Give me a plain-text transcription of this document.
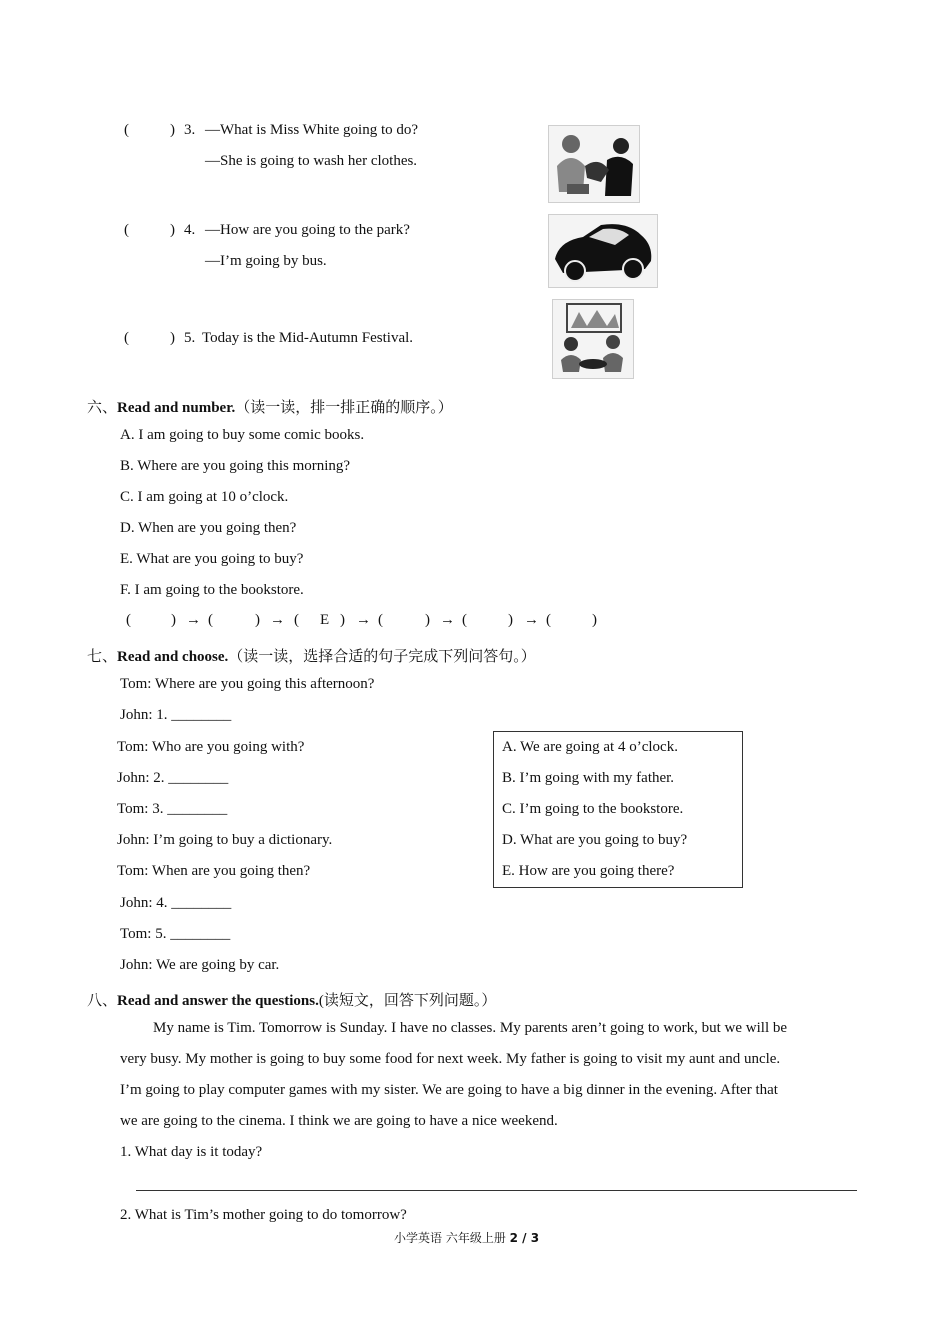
(	) 3. —What is Miss White going to do?
—She is going to wash her clothes.
(	) 4. —How are you going to the park?
—I’m going by bus.
(	) 5. Today is the Mid-Autumn Festival.
六、Read and number.（读一读，排一排正确的顺序。）
A. I am going to buy some comic books.
B. Where are you going this morning?
C. I am going at 10 o’clock.
D. When are you going then?
E. What are you going to buy?
F. I am going to the bookstore.
(	) → (	) → ( E ) → (	) → (	) → (	)
七、Read and choose.（读一读，选择合适的句子完成下列问答句。）
Tom: Where are you going this afternoon?
John: 1. ________
Tom: Who are you going with?
John: 2. ________
Tom: 3. ________
John: I’m going to buy a dictionary.
Tom: When are you going then?
John: 4. ________
Tom: 5. ________
John: We are going by car.
A. We are going at 4 o’clock.
B. I’m going with my father.
C. I’m going to the bookstore.
D. What are you going to buy?
E. How are you going there?
八、Read and answer the questions.(读短文，回答下列问题。）
My name is Tim. Tomorrow is Sunday. I have no classes. My parents aren’t going to work, but we will be
very busy. My mother is going to buy some food for next week. My father is going to visit my aunt and uncle.
I’m going to play computer games with my sister. We are going to have a big dinner in the evening. After that
we are going to the cinema. I think we are going to have a nice weekend.
1. What day is it today?
2. What is Tim’s mother going to do tomorrow?
小学英语 六年级上册 2 / 3
